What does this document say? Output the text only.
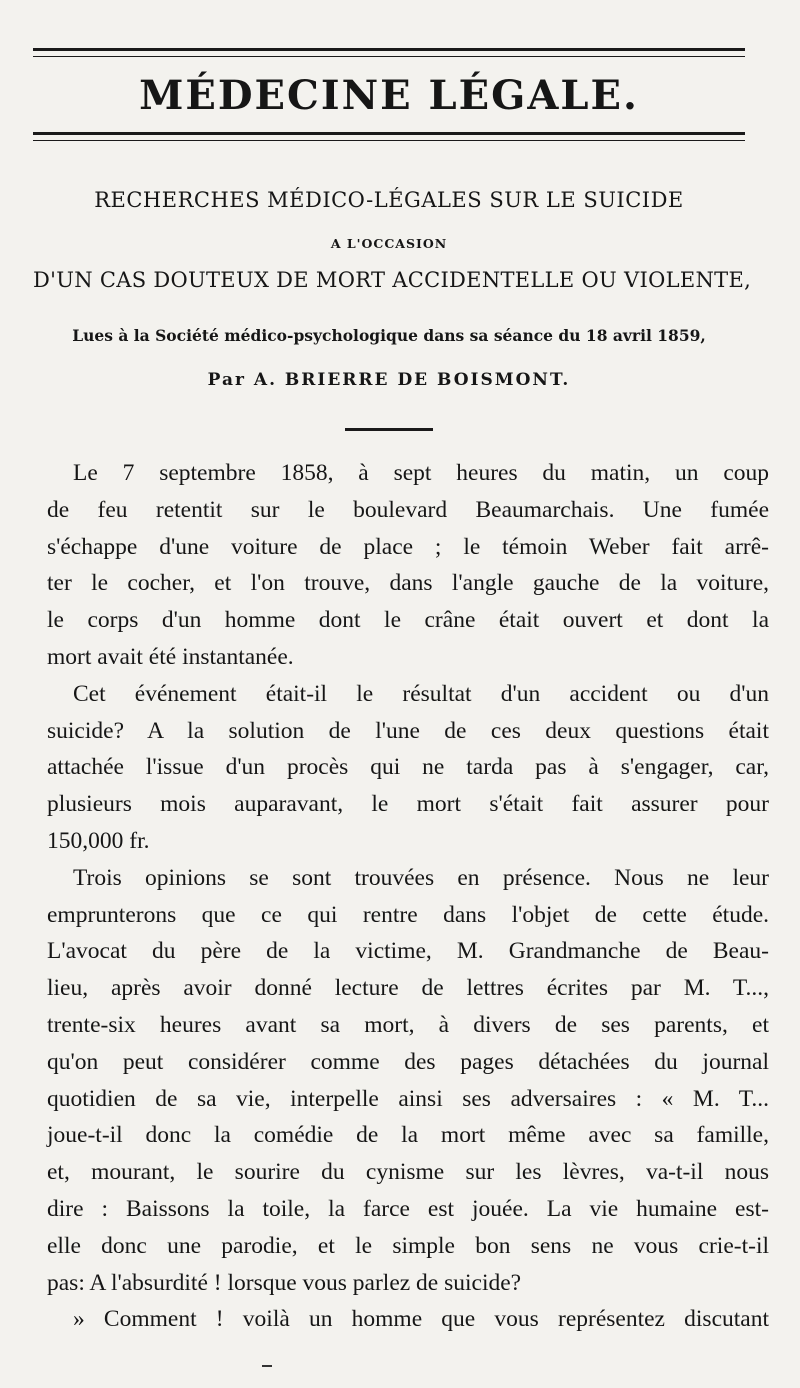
MÉDECINE LÉGALE.
RECHERCHES MÉDICO-LÉGALES SUR LE SUICIDE
A L'OCCASION
D'UN CAS DOUTEUX DE MORT ACCIDENTELLE OU VIOLENTE,
Lues à la Société médico-psychologique dans sa séance du 18 avril 1859,
Par A. BRIERRE DE BOISMONT.
Le 7 septembre 1858, à sept heures du matin, un coup
de feu retentit sur le boulevard Beaumarchais. Une fumée
s'échappe d'une voiture de place ; le témoin Weber fait arrê-
ter le cocher, et l'on trouve, dans l'angle gauche de la voiture,
le corps d'un homme dont le crâne était ouvert et dont la
mort avait été instantanée.
Cet événement était-il le résultat d'un accident ou d'un
suicide? A la solution de l'une de ces deux questions était
attachée l'issue d'un procès qui ne tarda pas à s'engager, car,
plusieurs mois auparavant, le mort s'était fait assurer pour
150,000 fr.
Trois opinions se sont trouvées en présence. Nous ne leur
emprunterons que ce qui rentre dans l'objet de cette étude.
L'avocat du père de la victime, M. Grandmanche de Beau-
lieu, après avoir donné lecture de lettres écrites par M. T...,
trente-six heures avant sa mort, à divers de ses parents, et
qu'on peut considérer comme des pages détachées du journal
quotidien de sa vie, interpelle ainsi ses adversaires : « M. T...
joue-t-il donc la comédie de la mort même avec sa famille,
et, mourant, le sourire du cynisme sur les lèvres, va-t-il nous
dire : Baissons la toile, la farce est jouée. La vie humaine est-
elle donc une parodie, et le simple bon sens ne vous crie-t-il
pas: A l'absurdité ! lorsque vous parlez de suicide?
» Comment ! voilà un homme que vous représentez discutant
